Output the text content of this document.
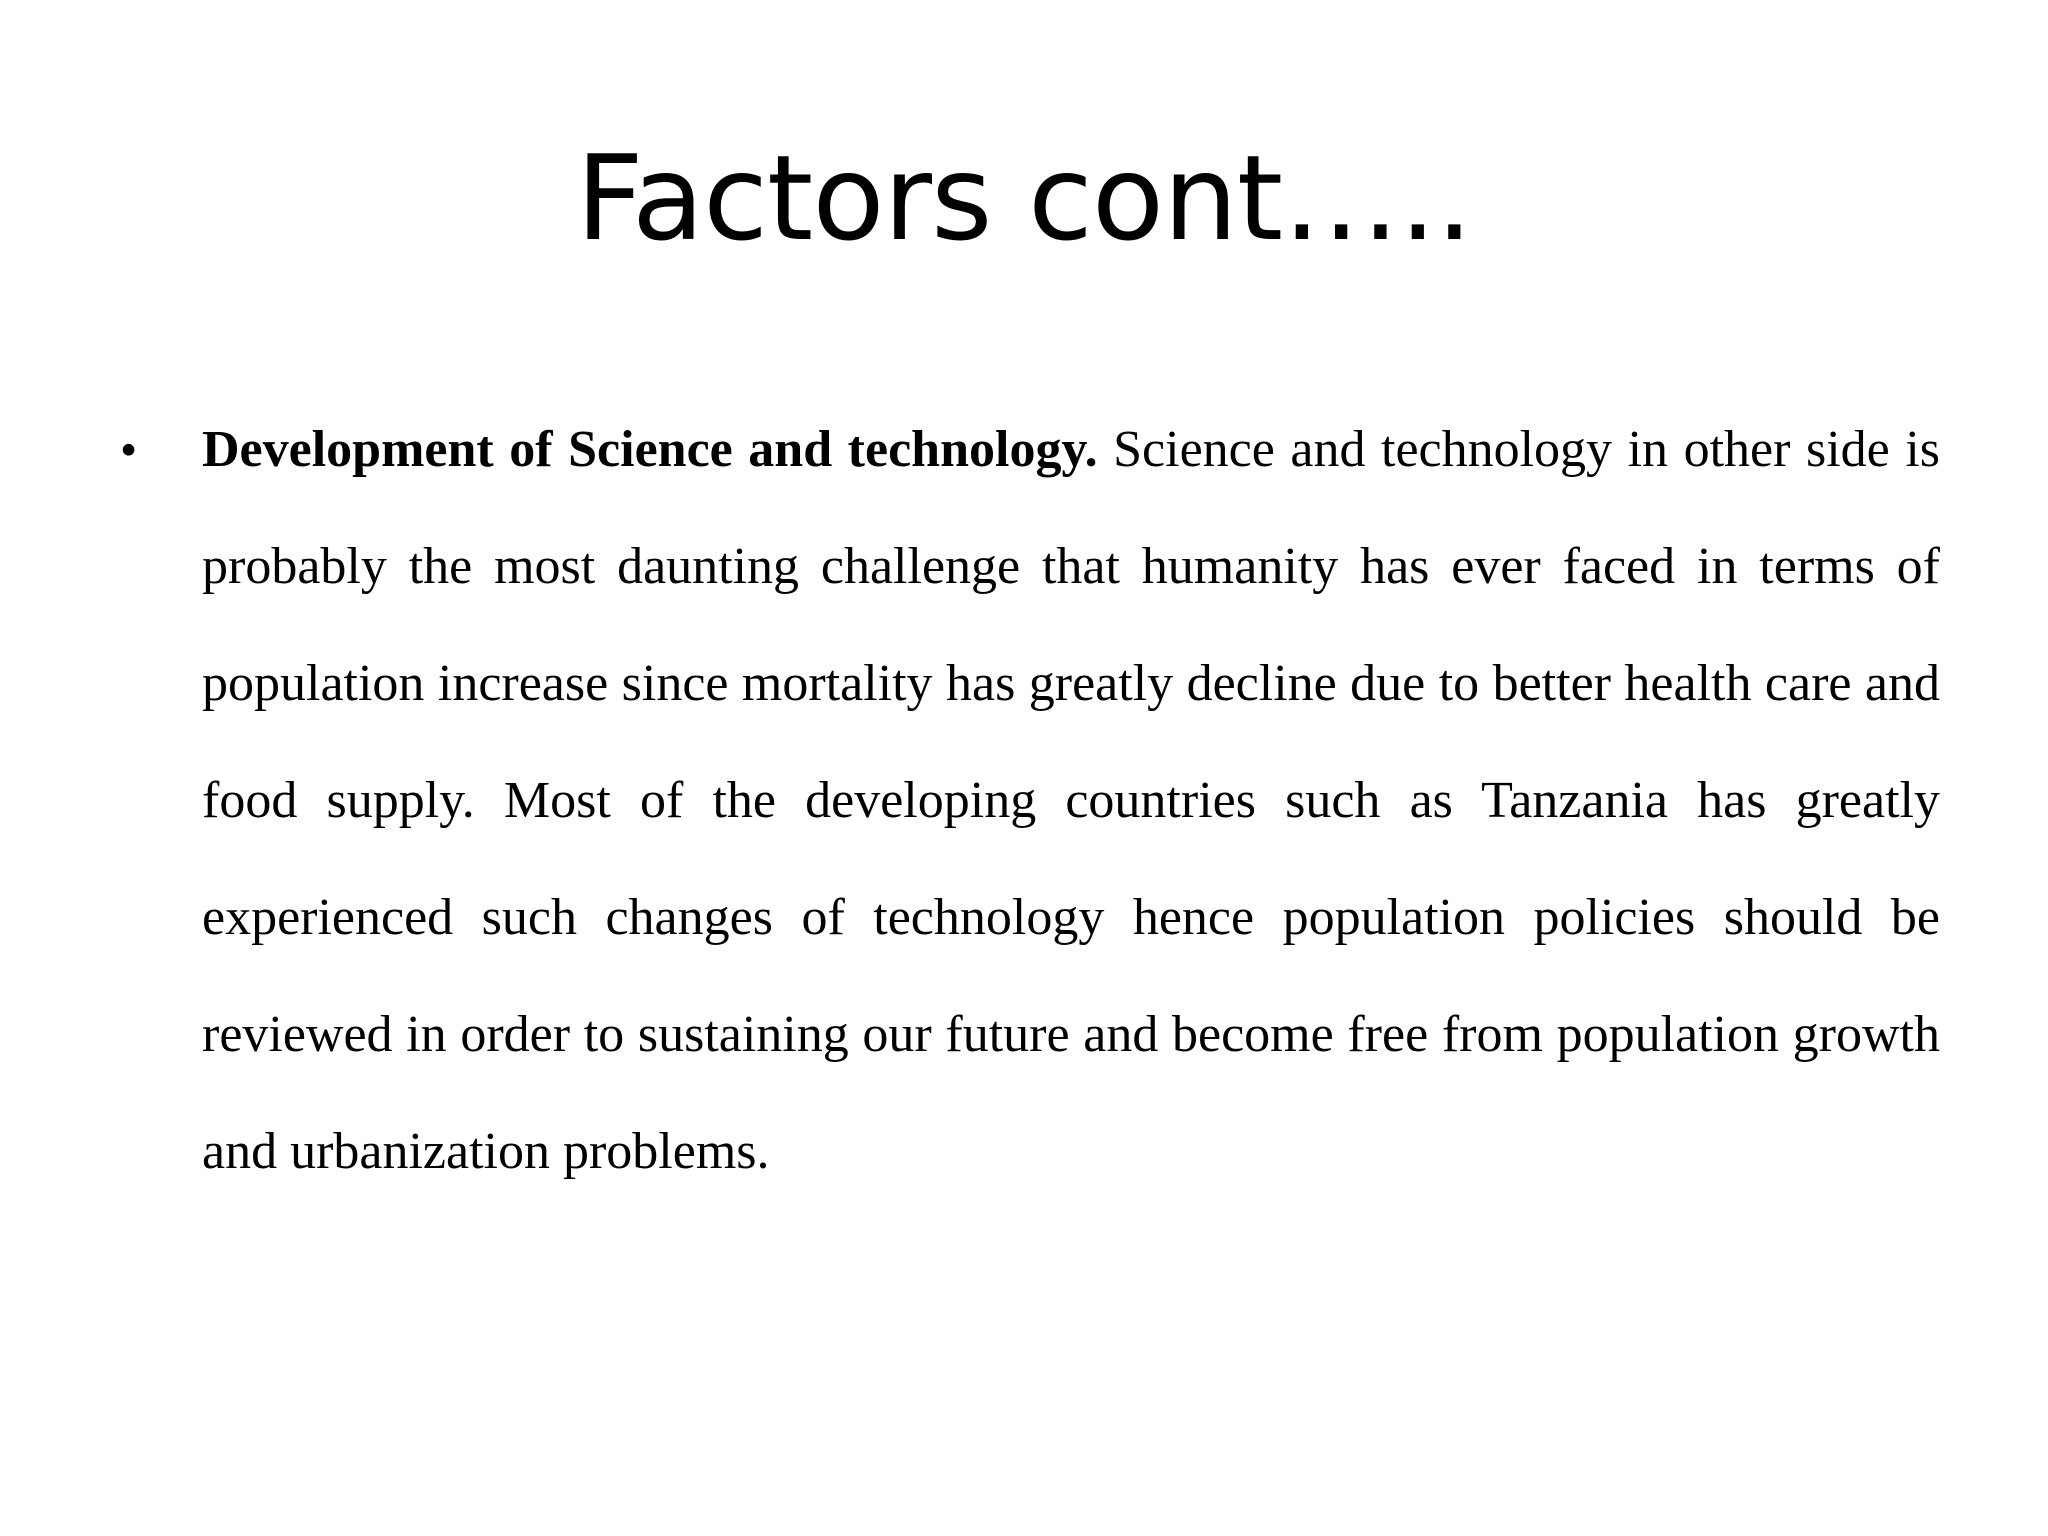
Factors cont…..
• Development of Science and technology. Science and technology in other side is probably the most daunting challenge that humanity has ever faced in terms of population increase since mortality has greatly decline due to better health care and food supply. Most of the developing countries such as Tanzania has greatly experienced such changes of technology hence population policies should be reviewed in order to sustaining our future and become free from population growth and urbanization problems.
